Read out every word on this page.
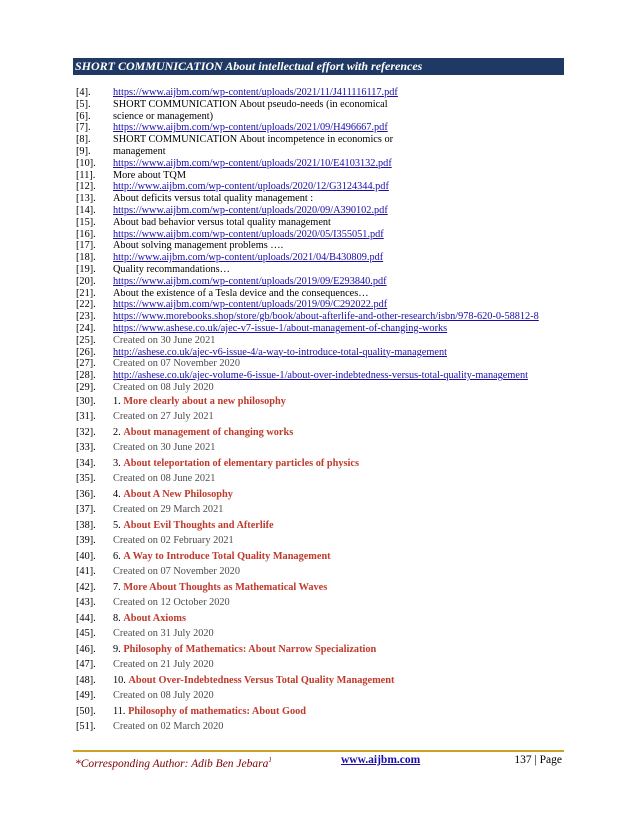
SHORT COMMUNICATION About intellectual effort with references
[4]. https://www.aijbm.com/wp-content/uploads/2021/11/J411116117.pdf
[5]. SHORT COMMUNICATION About pseudo-needs (in economical
[6]. science or management)
[7]. https://www.aijbm.com/wp-content/uploads/2021/09/H496667.pdf
[8]. SHORT COMMUNICATION About incompetence in economics or
[9]. management
[10]. https://www.aijbm.com/wp-content/uploads/2021/10/E4103132.pdf
[11]. More about TQM
[12]. http://www.aijbm.com/wp-content/uploads/2020/12/G3124344.pdf
[13]. About deficits versus total quality management :
[14]. https://www.aijbm.com/wp-content/uploads/2020/09/A390102.pdf
[15]. About bad behavior versus total quality management
[16]. https://www.aijbm.com/wp-content/uploads/2020/05/I355051.pdf
[17]. About solving management problems ….
[18]. http://www.aijbm.com/wp-content/uploads/2021/04/B430809.pdf
[19]. Quality recommandations…
[20]. https://www.aijbm.com/wp-content/uploads/2019/09/E293840.pdf
[21]. About the existence of a Tesla device and the consequences…
[22]. https://www.aijbm.com/wp-content/uploads/2019/09/C292022.pdf
[23]. https://www.morebooks.shop/store/gb/book/about-afterlife-and-other-research/isbn/978-620-0-58812-8
[24]. https://www.ashese.co.uk/ajec-v7-issue-1/about-management-of-changing-works
[25]. Created on 30 June 2021
[26]. http://ashese.co.uk/ajec-v6-issue-4/a-way-to-introduce-total-quality-management
[27]. Created on 07 November 2020
[28]. http://ashese.co.uk/ajec-volume-6-issue-1/about-over-indebtedness-versus-total-quality-management
[29]. Created on 08 July 2020
[30]. 1. More clearly about a new philosophy
[31]. Created on 27 July 2021
[32]. 2. About management of changing works
[33]. Created on 30 June 2021
[34]. 3. About teleportation of elementary particles of physics
[35]. Created on 08 June 2021
[36]. 4. About A New Philosophy
[37]. Created on 29 March 2021
[38]. 5. About Evil Thoughts and Afterlife
[39]. Created on 02 February 2021
[40]. 6. A Way to Introduce Total Quality Management
[41]. Created on 07 November 2020
[42]. 7. More About Thoughts as Mathematical Waves
[43]. Created on 12 October 2020
[44]. 8. About Axioms
[45]. Created on 31 July 2020
[46]. 9. Philosophy of Mathematics: About Narrow Specialization
[47]. Created on 21 July 2020
[48]. 10. About Over-Indebtedness Versus Total Quality Management
[49]. Created on 08 July 2020
[50]. 11. Philosophy of mathematics: About Good
[51]. Created on 02 March 2020
*Corresponding Author: Adib Ben Jebara$^1$	www.aijbm.com	137 | Page
